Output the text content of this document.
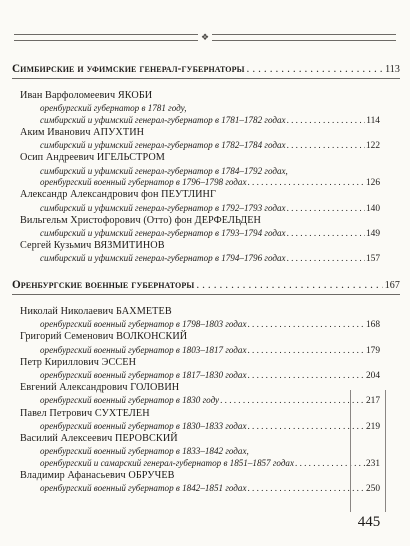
❖
Симбирские и уфимские генерал-губернаторы . . .	113
Иван Варфоломеевич ЯКОБИ
оренбургский губернатор в 1781 году,
симбирский и уфимский генерал-губернатор в 1781–1782 годах . . .	114
Аким Иванович АПУХТИН
симбирский и уфимский генерал-губернатор в 1782–1784 годах . . .	122
Осип Андреевич ИГЕЛЬСТРОМ
симбирский и уфимский генерал-губернатор в 1784–1792 годах,
оренбургский военный губернатор в 1796–1798 годах . . .	126
Александр Александрович фон ПЕУТЛИНГ
симбирский и уфимский генерал-губернатор в 1792–1793 годах . . .	140
Вильгельм Христофорович (Отто) фон ДЕРФЕЛЬДЕН
симбирский и уфимский генерал-губернатор в 1793–1794 годах . . .	149
Сергей Кузьмич ВЯЗМИТИНОВ
симбирский и уфимский генерал-губернатор в 1794–1796 годах . . .	157
Оренбургские военные губернаторы . . .	167
Николай Николаевич БАХМЕТЕВ
оренбургский военный губернатор в 1798–1803 годах . . .	168
Григорий Семенович ВОЛКОНСКИЙ
оренбургский военный губернатор в 1803–1817 годах . . .	179
Петр Кириллович ЭССЕН
оренбургский военный губернатор в 1817–1830 годах . . .	204
Евгений Александрович ГОЛОВИН
оренбургский военный губернатор в 1830 году . . .	217
Павел Петрович СУХТЕЛЕН
оренбургский военный губернатор в 1830–1833 годах . . .	219
Василий Алексеевич ПЕРОВСКИЙ
оренбургский военный губернатор в 1833–1842 годах,
оренбургский и самарский генерал-губернатор в 1851–1857 годах . . .	231
Владимир Афанасьевич ОБРУЧЕВ
оренбургский военный губернатор в 1842–1851 годах . . .	250
445
